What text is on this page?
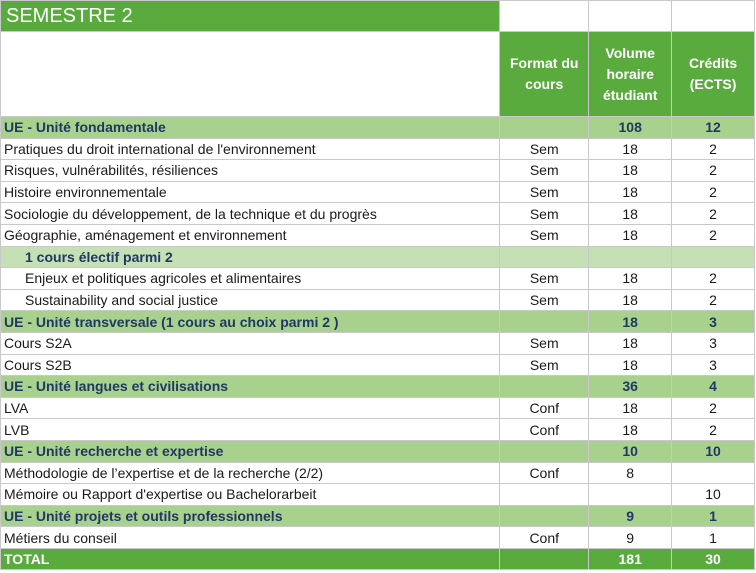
SEMESTRE 2			
	Format du cours	Volume horaire étudiant	Crédits (ECTS)
UE - Unité fondamentale		108	12
Pratiques du droit international de l'environnement	Sem	18	2
Risques, vulnérabilités, résiliences	Sem	18	2
Histoire environnementale	Sem	18	2
Sociologie du développement, de la technique et du progrès	Sem	18	2
Géographie, aménagement et environnement	Sem	18	2
1 cours électif parmi 2			
Enjeux et politiques agricoles et alimentaires	Sem	18	2
Sustainability and social justice	Sem	18	2
UE - Unité transversale (1 cours au choix parmi 2 )		18	3
Cours S2A	Sem	18	3
Cours S2B	Sem	18	3
UE - Unité langues et civilisations		36	4
LVA	Conf	18	2
LVB	Conf	18	2
UE - Unité recherche et expertise		10	10
Méthodologie de l’expertise et de la recherche (2/2)	Conf	8	
Mémoire ou Rapport d'expertise ou Bachelorarbeit			10
UE - Unité projets et outils professionnels		9	1
Métiers du conseil	Conf	9	1
TOTAL		181	30
